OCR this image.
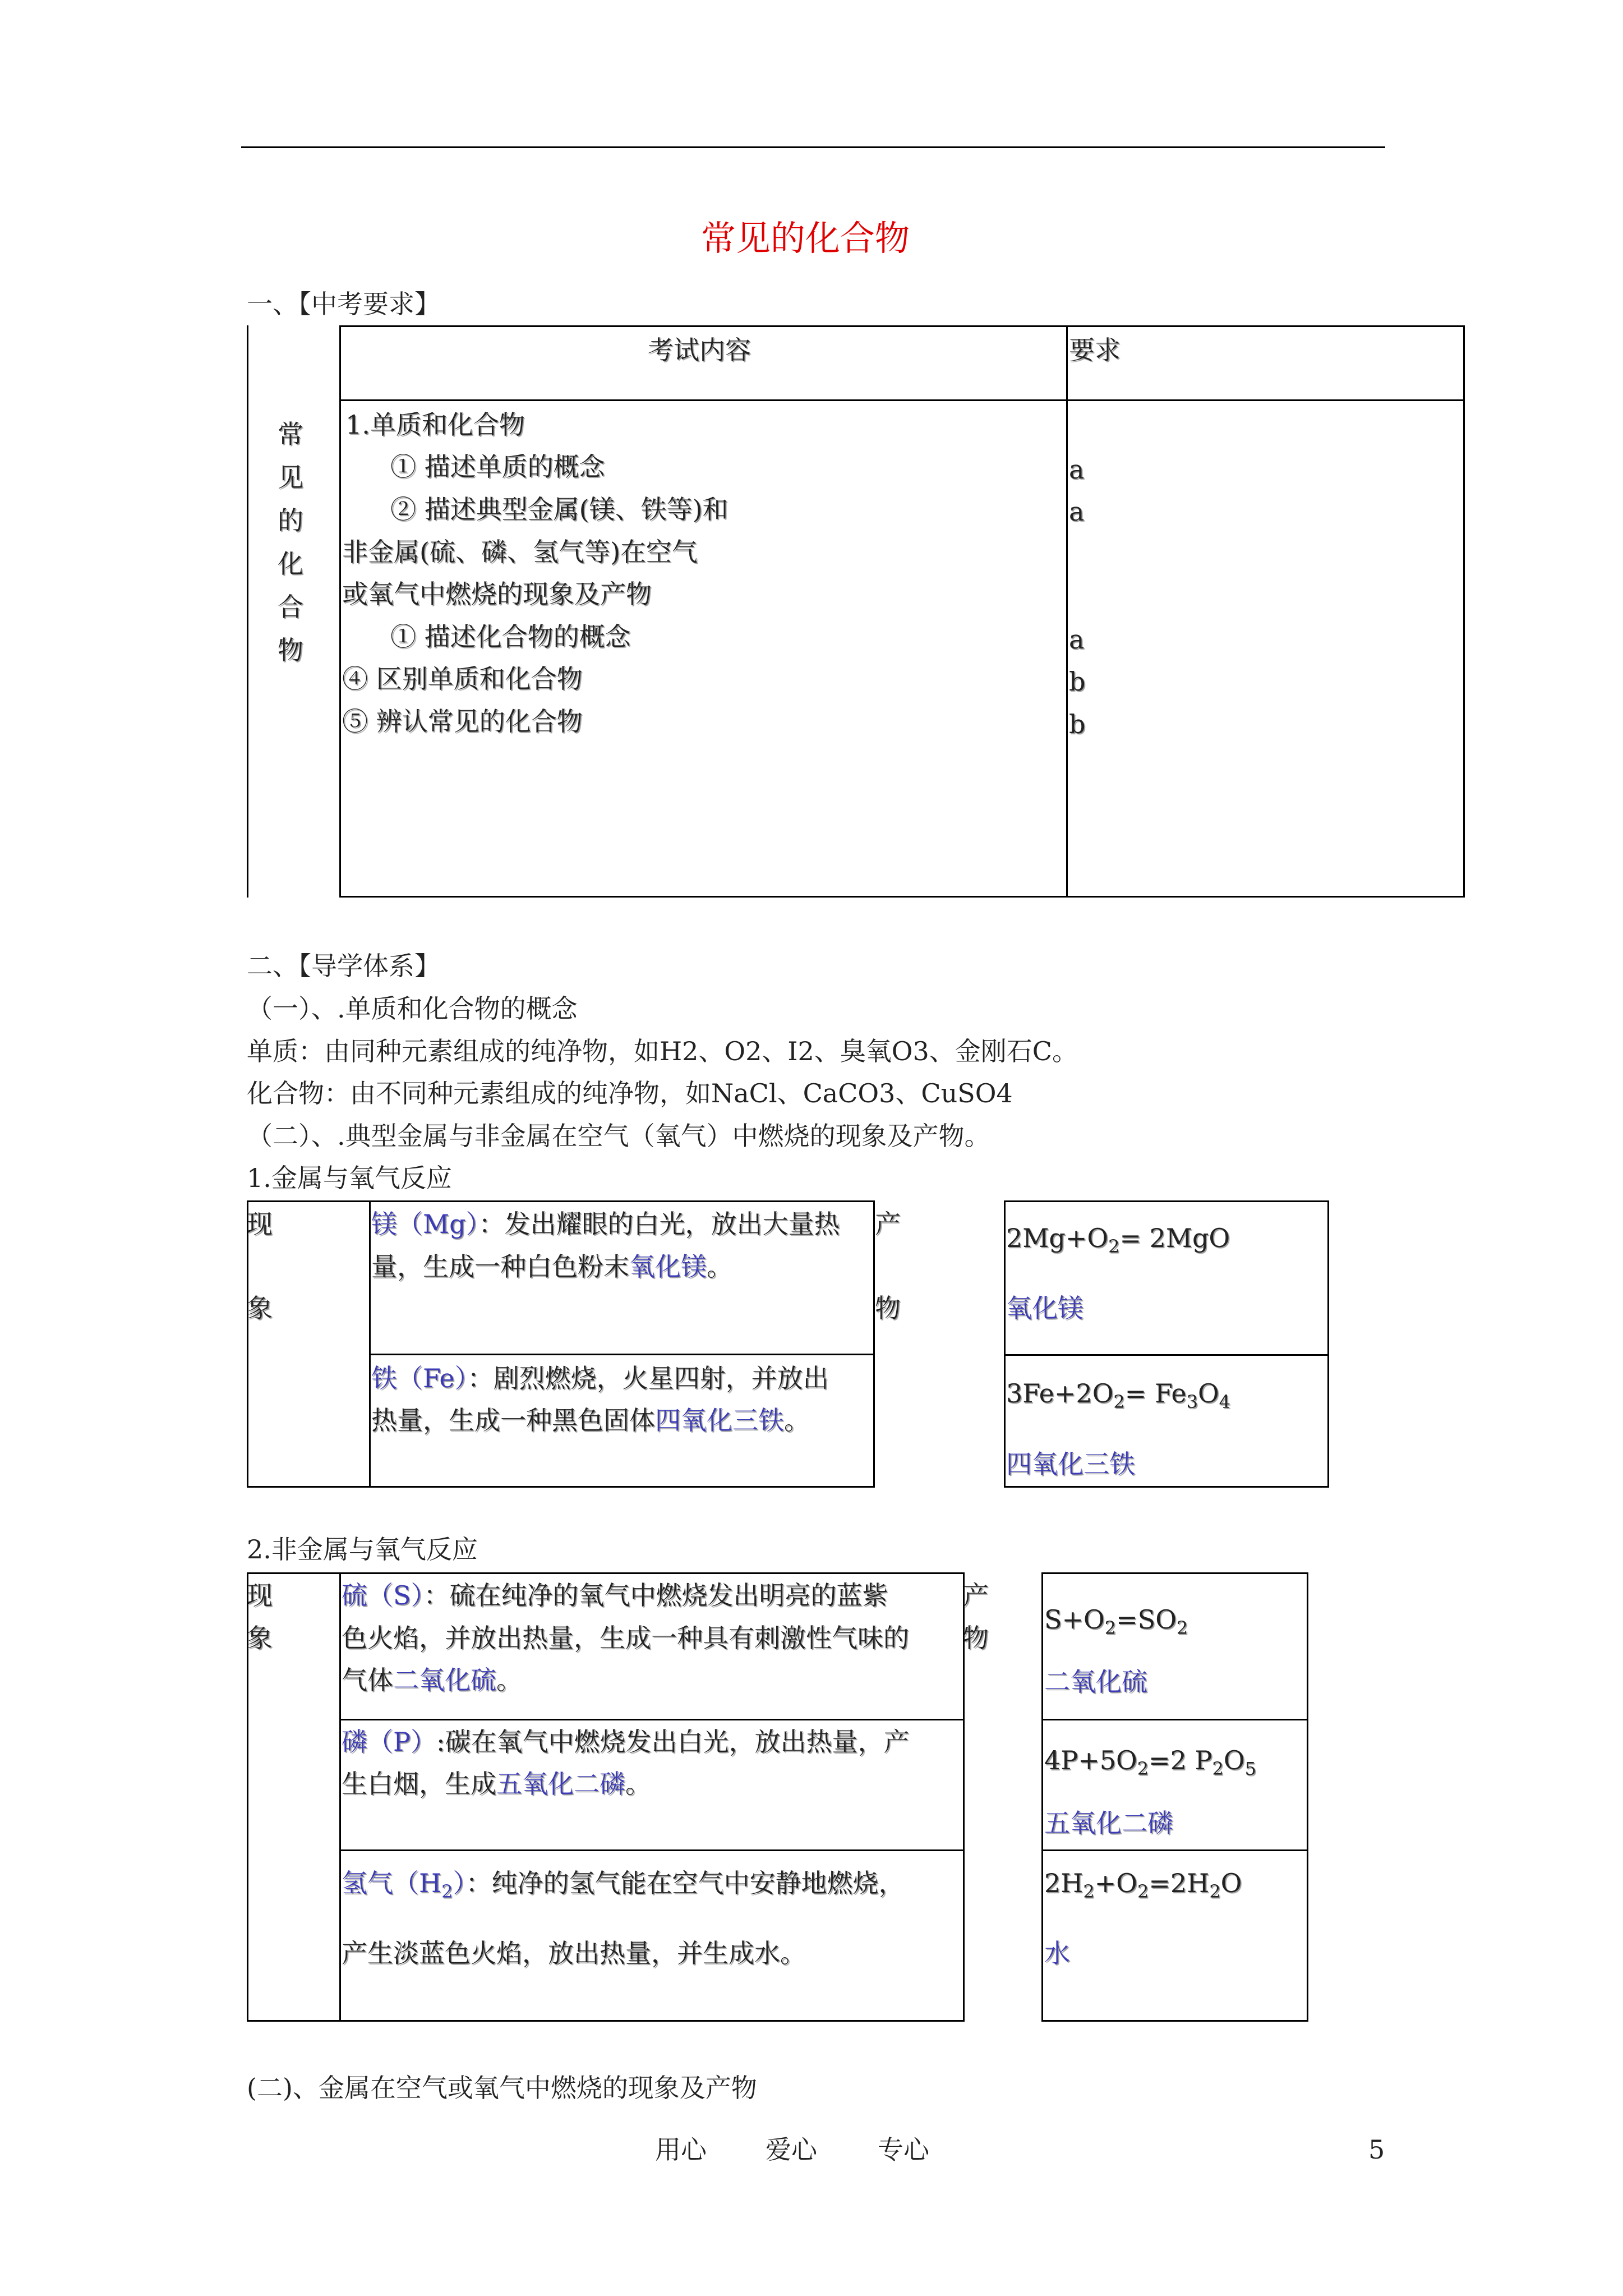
常见的化合物
一、【中考要求】
考试内容	要求
常
见
的
化
合
物
1.单质和化合物
① 描述单质的概念
② 描述典型金属(镁、铁等)和
非金属(硫、磷、氢气等)在空气
或氧气中燃烧的现象及产物
① 描述化合物的概念
④ 区别单质和化合物
⑤ 辨认常见的化合物
a
a
a
b
b
二、【导学体系】
（一）、.单质和化合物的概念
单质：由同种元素组成的纯净物，如H2、O2、I2、臭氧O3、金刚石C。
化合物：由不同种元素组成的纯净物，如NaCl、CaCO3、CuSO4
（二）、.典型金属与非金属在空气（氧气）中燃烧的现象及产物。
1.金属与氧气反应
现
象
产
物
镁（Mg）：发出耀眼的白光，放出大量热
量，生成一种白色粉末氧化镁。
$2Mg+O_2= 2MgO$
氧化镁
铁（Fe）：剧烈燃烧，火星四射，并放出
热量，生成一种黑色固体四氧化三铁。
$3Fe+2O_2= Fe_3O_4$
四氧化三铁
2.非金属与氧气反应
现
象
产
物
硫（S）：硫在纯净的氧气中燃烧发出明亮的蓝紫
色火焰，并放出热量，生成一种具有刺激性气味的
气体二氧化硫。
$S+O_2=SO_2$
二氧化硫
磷（P）:碳在氧气中燃烧发出白光，放出热量，产
生白烟，生成五氧化二磷。
$4P+5O_2=2$ $P_2O_5$
五氧化二磷
氢气$(H_2)$：纯净的氢气能在空气中安静地燃烧，
产生淡蓝色火焰，放出热量，并生成水。
$2H_2+O_2=2H_2O$
水
(二)、金属在空气或氧气中燃烧的现象及产物
用心 爱心 专心	5
